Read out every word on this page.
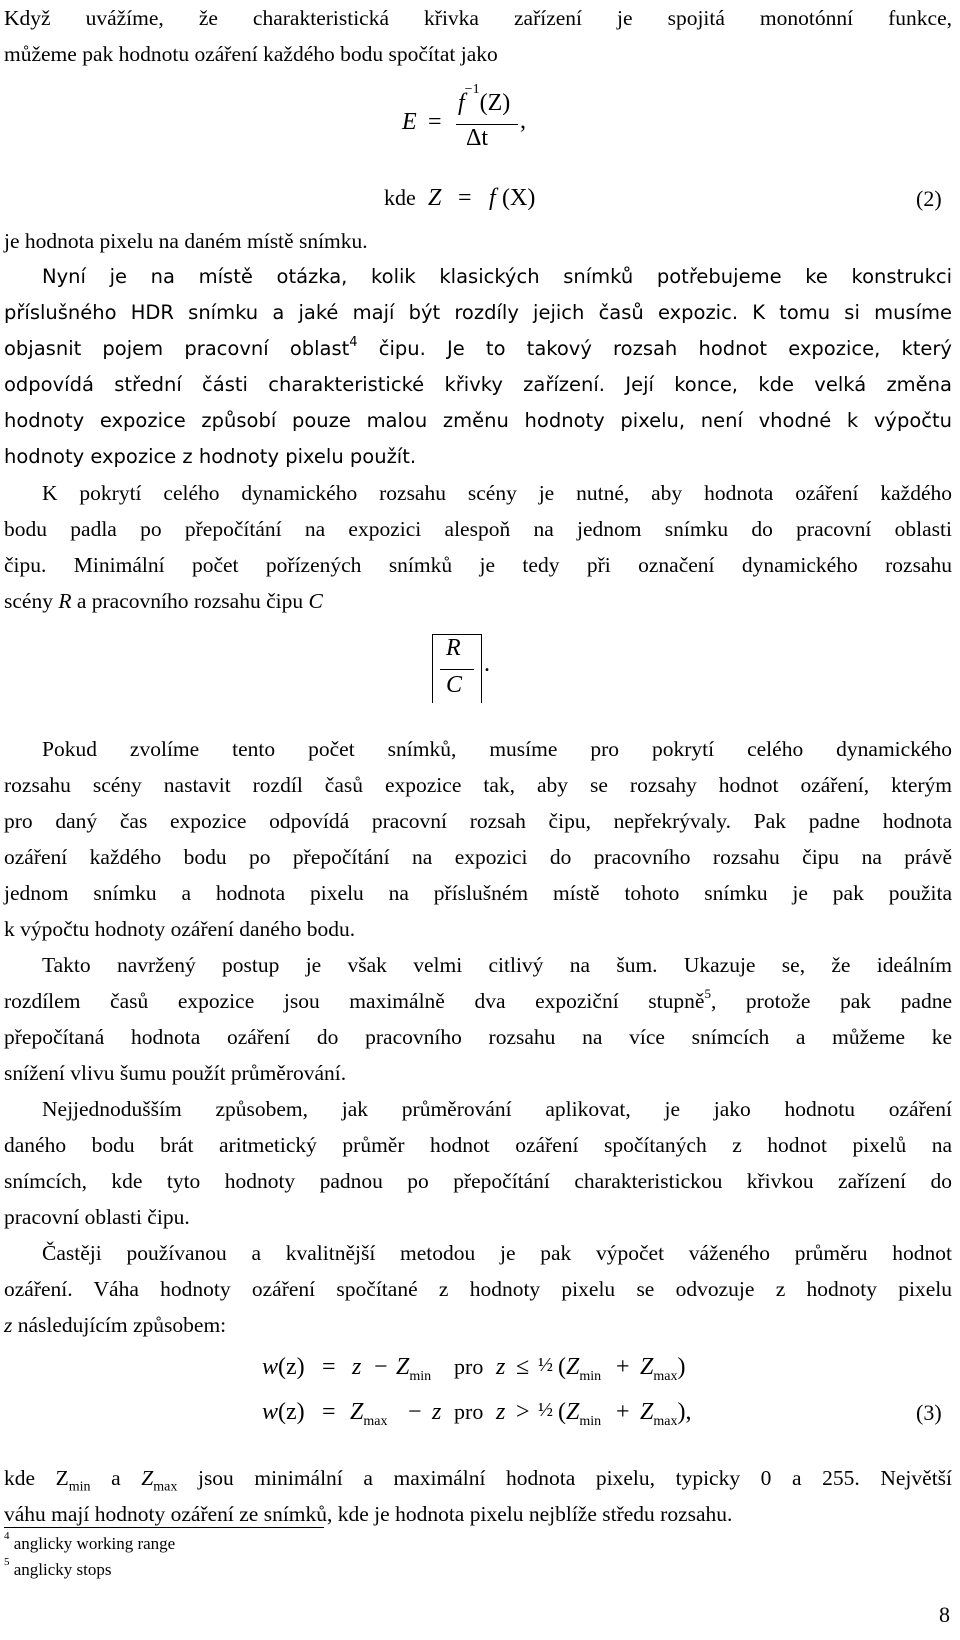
Když uvážíme, že charakteristická křivka zařízení je spojitá monotónní funkce,
můžeme pak hodnotu ozáření každého bodu spočítat jako

E =
$f^{-1}(Z)$
Δt
,
kde Z = f (X)	(2)

je hodnota pixelu na daném místě snímku.

Nyní je na místě otázka, kolik klasických snímků potřebujeme ke konstrukci
příslušného HDR snímku a jaké mají být rozdíly jejich časů expozic. K tomu si musíme
objasnit pojem pracovní oblast$^4$ čipu. Je to takový rozsah hodnot expozice, který
odpovídá střední části charakteristické křivky zařízení. Její konce, kde velká změna
hodnoty expozice způsobí pouze malou změnu hodnoty pixelu, není vhodné k výpočtu
hodnoty expozice z hodnoty pixelu použít.

K pokrytí celého dynamického rozsahu scény je nutné, aby hodnota ozáření každého
bodu padla po přepočítání na expozici alespoň na jednom snímku do pracovní oblasti
čipu. Minimální počet pořízených snímků je tedy při označení dynamického rozsahu
scény R a pracovního rozsahu čipu C

R
C
.

Pokud zvolíme tento počet snímků, musíme pro pokrytí celého dynamického
rozsahu scény nastavit rozdíl časů expozice tak, aby se rozsahy hodnot ozáření, kterým
pro daný čas expozice odpovídá pracovní rozsah čipu, nepřekrývaly. Pak padne hodnota
ozáření každého bodu po přepočítání na expozici do pracovního rozsahu čipu na právě
jednom snímku a hodnota pixelu na příslušném místě tohoto snímku je pak použita
k výpočtu hodnoty ozáření daného bodu.

Takto navržený postup je však velmi citlivý na šum. Ukazuje se, že ideálním
rozdílem časů expozice jsou maximálně dva expoziční stupně$^5$, protože pak padne
přepočítaná hodnota ozáření do pracovního rozsahu na více snímcích a můžeme ke
snížení vlivu šumu použít průměrování.

Nejjednodušším způsobem, jak průměrování aplikovat, je jako hodnotu ozáření
daného bodu brát aritmetický průměr hodnot ozáření spočítaných z hodnot pixelů na
snímcích, kde tyto hodnoty padnou po přepočítání charakteristickou křivkou zařízení do
pracovní oblasti čipu.

Častěji používanou a kvalitnější metodou je pak výpočet váženého průměru hodnot
ozáření. Váha hodnoty ozáření spočítané z hodnoty pixelu se odvozuje z hodnoty pixelu
z následujícím způsobem:

$w(z) = z - Z_{min}$ pro z ≤ ½ $(Z_{min} + Z_{max})$
$w(z) = Z_{max} - z$ pro z > ½ $(Z_{min} + Z_{max})$,	(3)

kde $Z_{min}$ a $Z_{max}$ jsou minimální a maximální hodnota pixelu, typicky 0 a 255. Největší
váhu mají hodnoty ozáření ze snímků, kde je hodnota pixelu nejblíže středu rozsahu.

$^4$ anglicky working range
$^5$ anglicky stops
8
